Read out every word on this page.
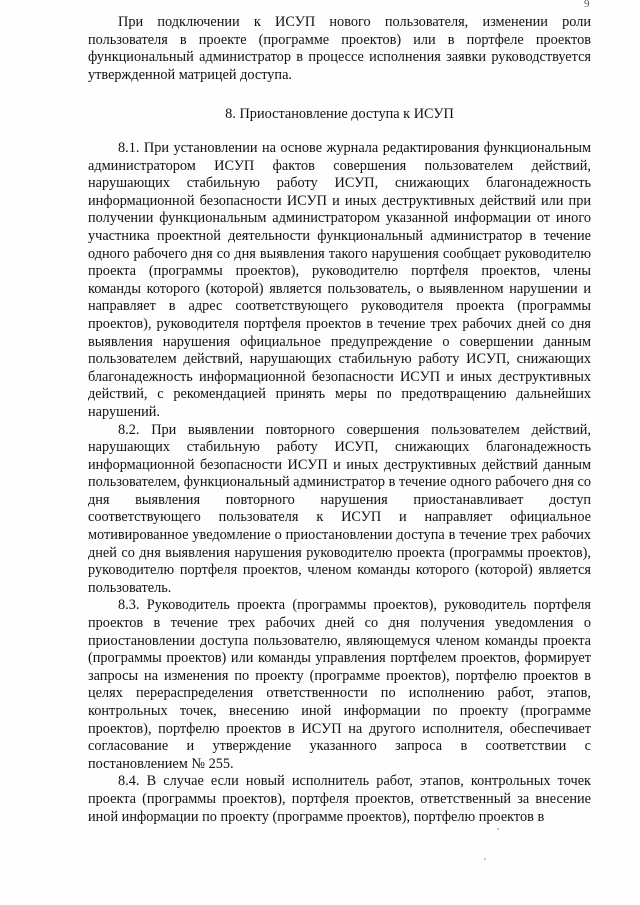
9

При подключении к ИСУП нового пользователя, изменении роли пользователя в проекте (программе проектов) или в портфеле проектов функциональный администратор в процессе исполнения заявки руководствуется утвержденной матрицей доступа.

8. Приостановление доступа к ИСУП

8.1. При установлении на основе журнала редактирования функциональным администратором ИСУП фактов совершения пользователем действий, нарушающих стабильную работу ИСУП, снижающих благонадежность информационной безопасности ИСУП и иных деструктивных действий или при получении функциональным администратором указанной информации от иного участника проектной деятельности функциональный администратор в течение одного рабочего дня со дня выявления такого нарушения сообщает руководителю проекта (программы проектов), руководителю портфеля проектов, члены команды которого (которой) является пользователь, о выявленном нарушении и направляет в адрес соответствующего руководителя проекта (программы проектов), руководителя портфеля проектов в течение трех рабочих дней со дня выявления нарушения официальное предупреждение о совершении данным пользователем действий, нарушающих стабильную работу ИСУП, снижающих благонадежность информационной безопасности ИСУП и иных деструктивных действий, с рекомендацией принять меры по предотвращению дальнейших нарушений.

8.2. При выявлении повторного совершения пользователем действий, нарушающих стабильную работу ИСУП, снижающих благонадежность информационной безопасности ИСУП и иных деструктивных действий данным пользователем, функциональный администратор в течение одного рабочего дня со дня выявления повторного нарушения приостанавливает доступ соответствующего пользователя к ИСУП и направляет официальное мотивированное уведомление о приостановлении доступа в течение трех рабочих дней со дня выявления нарушения руководителю проекта (программы проектов), руководителю портфеля проектов, членом команды которого (которой) является пользователь.

8.3. Руководитель проекта (программы проектов), руководитель портфеля проектов в течение трех рабочих дней со дня получения уведомления о приостановлении доступа пользователю, являющемуся членом команды проекта (программы проектов) или команды управления портфелем проектов, формирует запросы на изменения по проекту (программе проектов), портфелю проектов в целях перераспределения ответственности по исполнению работ, этапов, контрольных точек, внесению иной информации по проекту (программе проектов), портфелю проектов в ИСУП на другого исполнителя, обеспечивает согласование и утверждение указанного запроса в соответствии с постановлением № 255.

8.4. В случае если новый исполнитель работ, этапов, контрольных точек проекта (программы проектов), портфеля проектов, ответственный за внесение иной информации по проекту (программе проектов), портфелю проектов в
